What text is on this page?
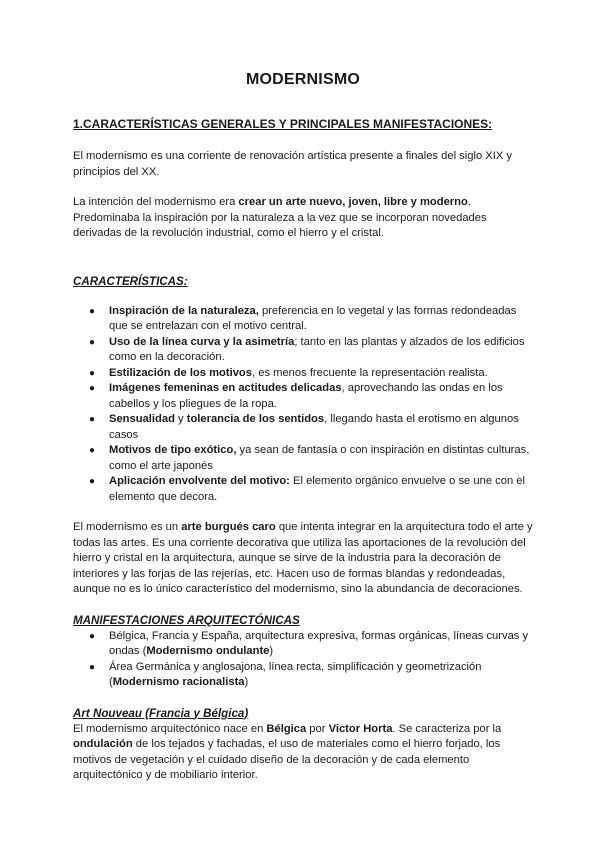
MODERNISMO
1.CARACTERÍSTICAS GENERALES Y PRINCIPALES MANIFESTACIONES:

El modernismo es una corriente de renovación artística presente a finales del siglo XIX y principios del XX.

La intención del modernismo era crear un arte nuevo, joven, libre y moderno. Predominaba la inspiración por la naturaleza a la vez que se incorporan novedades derivadas de la revolución industrial, como el hierro y el cristal.

CARACTERÍSTICAS:

● Inspiración de la naturaleza, preferencia en lo vegetal y las formas redondeadas que se entrelazan con el motivo central.
● Uso de la línea curva y la asimetría; tanto en las plantas y alzados de los edificios como en la decoración.
● Estilización de los motivos, es menos frecuente la representación realista.
● Imágenes femeninas en actitudes delicadas, aprovechando las ondas en los cabellos y los pliegues de la ropa.
● Sensualidad y tolerancia de los sentidos, llegando hasta el erotismo en algunos casos
● Motivos de tipo exótico, ya sean de fantasía o con inspiración en distintas culturas, como el arte japonés
● Aplicación envolvente del motivo: El elemento orgánico envuelve o se une con el elemento que decora.

El modernismo es un arte burgués caro que intenta integrar en la arquitectura todo el arte y todas las artes. Es una corriente decorativa que utiliza las aportaciones de la revolución del hierro y cristal en la arquitectura, aunque se sirve de la industria para la decoración de interiores y las forjas de las rejerías, etc. Hacen uso de formas blandas y redondeadas, aunque no es lo único característico del modernismo, sino la abundancia de decoraciones.

MANIFESTACIONES ARQUITECTÓNICAS

● Bélgica, Francia y España, arquitectura expresiva, formas orgánicas, líneas curvas y ondas (Modernismo ondulante)
● Área Germánica y anglosajona, línea recta, simplificación y geometrización (Modernismo racionalista)

Art Nouveau (Francia y Bélgica)

El modernismo arquitectónico nace en Bélgica por Victor Horta. Se caracteriza por la ondulación de los tejados y fachadas, el uso de materiales como el hierro forjado, los motivos de vegetación y el cuidado diseño de la decoración y de cada elemento arquitectónico y de mobiliario interior.
